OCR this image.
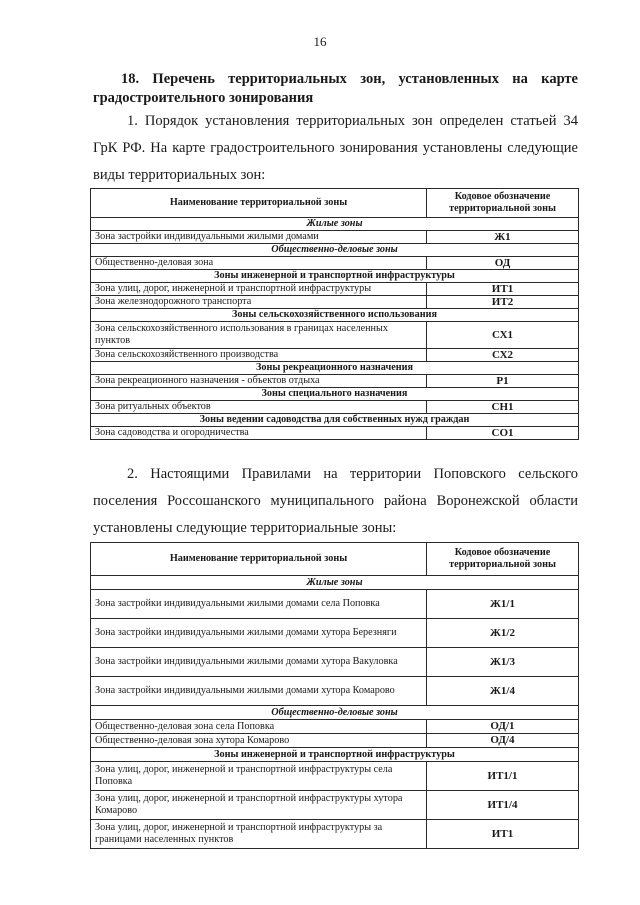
16
18. Перечень территориальных зон, установленных на карте
градостроительного зонирования
1. Порядок установления территориальных зон определен статьей 34
ГрК РФ. На карте градостроительного зонирования установлены следующие
виды территориальных зон:
Наименование территориальной зоны	Кодовое обозначение территориальной зоны
Жилые зоны	
Зона застройки индивидуальными жилыми домами	Ж1
Общественно-деловые зоны	
Общественно-деловая зона	ОД
Зоны инженерной и транспортной инфраструктуры	
Зона улиц, дорог, инженерной и транспортной инфраструктуры	ИТ1
Зона железнодорожного транспорта	ИТ2
Зоны сельскохозяйственного использования	
Зона сельскохозяйственного использования в границах населенных пунктов	СХ1
Зона сельскохозяйственного производства	СХ2
Зоны рекреационного назначения	
Зона рекреационного назначения - объектов отдыха	Р1
Зоны специального назначения	
Зона ритуальных объектов	СН1
Зоны ведении садоводства для собственных нужд граждан	
Зона садоводства и огородничества	СО1
2. Настоящими Правилами на территории Поповского сельского
поселения Россошанского муниципального района Воронежской области
установлены следующие территориальные зоны:
Наименование территориальной зоны	Кодовое обозначение территориальной зоны
Жилые зоны	
Зона застройки индивидуальными жилыми домами села Поповка	Ж1/1
Зона застройки индивидуальными жилыми домами хутора Березняги	Ж1/2
Зона застройки индивидуальными жилыми домами хутора Вакуловка	Ж1/3
Зона застройки индивидуальными жилыми домами хутора Комарово	Ж1/4
Общественно-деловые зоны	
Общественно-деловая зона села Поповка	ОД/1
Общественно-деловая зона хутора Комарово	ОД/4
Зоны инженерной и транспортной инфраструктуры	
Зона улиц, дорог, инженерной и транспортной инфраструктуры села Поповка	ИТ1/1
Зона улиц, дорог, инженерной и транспортной инфраструктуры хутора Комарово	ИТ1/4
Зона улиц, дорог, инженерной и транспортной инфраструктуры за границами населенных пунктов	ИТ1
